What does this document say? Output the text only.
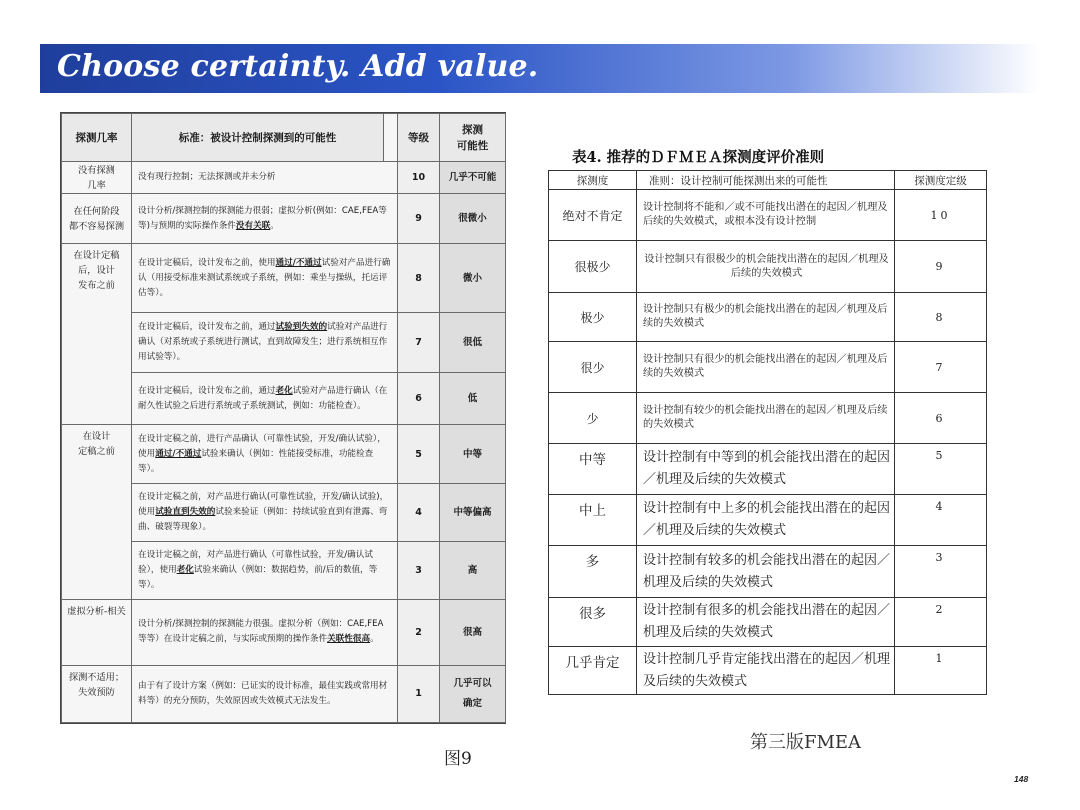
Choose certainty. Add value.
探测几率	标准：被设计控制探测到的可能性		等级	探测
可能性
没有探测
几率	没有现行控制；无法探测或并未分析		10	几乎不可能
在任何阶段
都不容易探测	设计分析/探测控制的探测能力很弱；虚拟分析(例如：CAE,FEA等等)与预期的实际操作条件没有关联。		9	很微小
在设计定稿
后，设计
发布之前	在设计定稿后，设计发布之前，使用通过/不通过试验对产品进行确认（用接受标准来测试系统或子系统，例如：乘坐与操纵，托运评估等）。		8	微小
	在设计定稿后，设计发布之前，通过试验到失效的试验对产品进行确认（对系统或子系统进行测试，直到故障发生；进行系统相互作用试验等）。		7	很低
	在设计定稿后，设计发布之前，通过老化试验对产品进行确认（在耐久性试验之后进行系统或子系统测试，例如：功能检查）。		6	低
在设计
定稿之前	在设计定稿之前，进行产品确认（可靠性试验，开发/确认试验），使用通过/不通过试验来确认（例如：性能接受标准，功能检查等）。		5	中等
	在设计定稿之前，对产品进行确认(可靠性试验，开发/确认试验)，使用试验直到失效的试验来验证（例如：持续试验直到有泄露、弯曲、破裂等现象）。		4	中等偏高
	在设计定稿之前，对产品进行确认（可靠性试验，开发/确认试验），使用老化试验来确认（例如：数据趋势，前/后的数值，等等）。		3	高
虚拟分析-相关	设计分析/探测控制的探测能力很强。虚拟分析（例如：CAE,FEA等等）在设计定稿之前，与实际或预期的操作条件关联性很高。		2	很高
探测不适用；
失效预防	由于有了设计方案（例如：已证实的设计标准，最佳实践或常用材料等）的充分预防，失效原因或失效模式无法发生。		1	几乎可以
确定
图9
表4. 推荐的ＤＦＭＥＡ探测度评价准则
探测度	准则：设计控制可能探测出来的可能性	探测度定级
绝对不肯定	设计控制将不能和／或不可能找出潜在的起因／机理及后续的失效模式，或根本没有设计控制	10
很极少	设计控制只有很极少的机会能找出潜在的起因／机理及后续的失效模式	9
极少	设计控制只有极少的机会能找出潜在的起因／机理及后续的失效模式	8
很少	设计控制只有很少的机会能找出潜在的起因／机理及后续的失效模式	7
少	设计控制有较少的机会能找出潜在的起因／机理及后续的失效模式	6
中等	设计控制有中等到的机会能找出潜在的起因／机理及后续的失效模式	5
中上	设计控制有中上多的机会能找出潜在的起因／机理及后续的失效模式	4
多	设计控制有较多的机会能找出潜在的起因／机理及后续的失效模式	3
很多	设计控制有很多的机会能找出潜在的起因／机理及后续的失效模式	2
几乎肯定	设计控制几乎肯定能找出潜在的起因／机理及后续的失效模式	1
第三版FMEA
148
